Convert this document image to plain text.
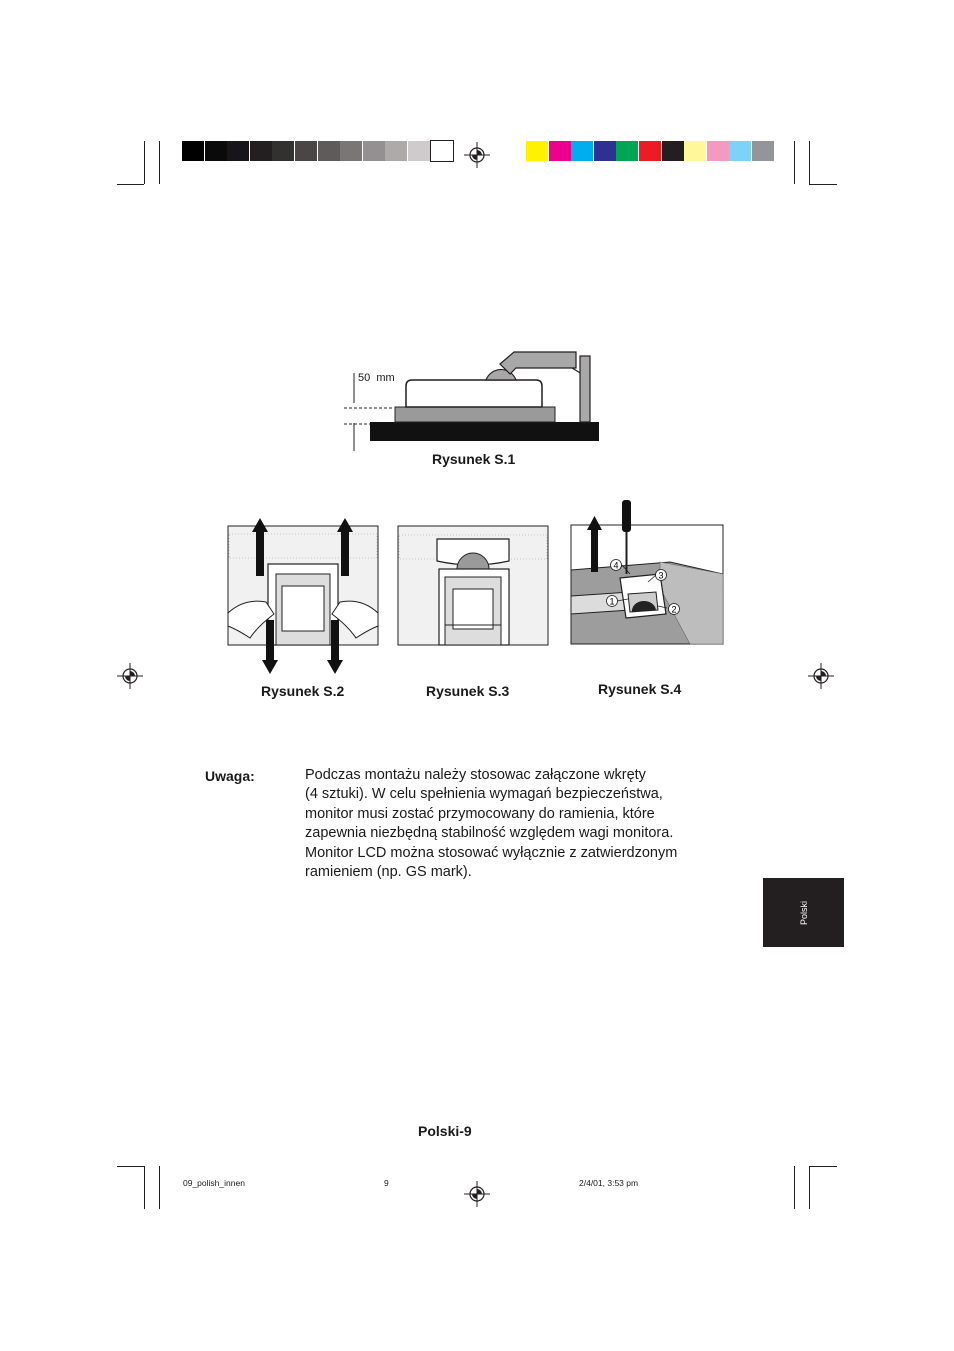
50  mm
Rysunek S.1
Rysunek S.2	Rysunek S.3
1
2
3
4
Rysunek S.4
Uwaga:	Podczas montażu należy stosowac załączone wkręty
(4 sztuki). W celu spełnienia wymagań bezpieczeństwa,
monitor musi zostać przymocowany do ramienia, które
zapewnia niezbędną stabilność względem wagi monitora.
Monitor LCD można stosować wyłącznie z zatwierdzonym
ramieniem (np. GS mark).
Polski
Polski-9
09_polish_innen	9	2/4/01, 3:53 pm
